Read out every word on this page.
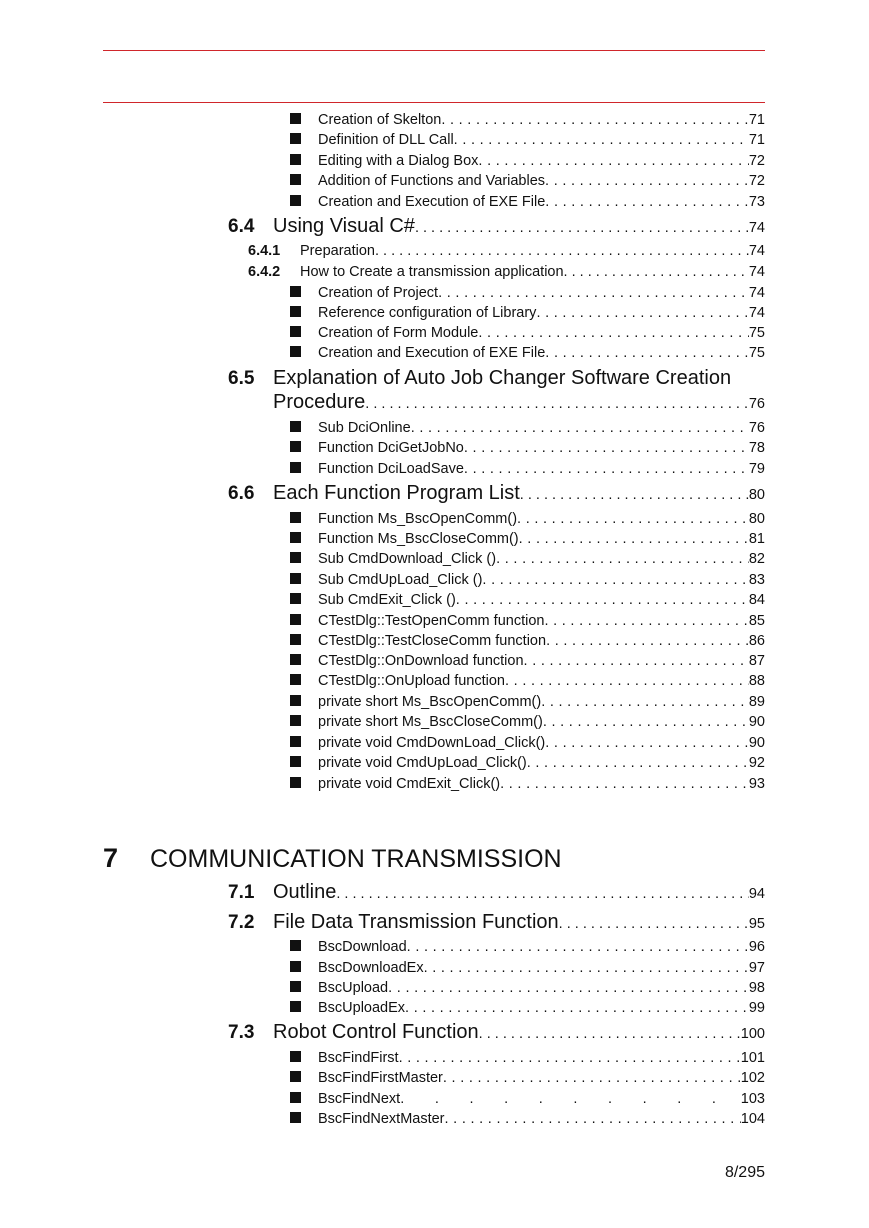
Creation of Skelton . . .	71
Definition of DLL Call . . .	71
Editing with a Dialog Box . . .	72
Addition of Functions and Variables . . .	72
Creation and Execution of EXE File . . .	73
6.4 Using Visual C# . . .	74
6.4.1	Preparation . . .	74
6.4.2	How to Create a transmission application . . .	74
Creation of Project . . .	74
Reference configuration of Library . . .	74
Creation of Form Module . . .	75
Creation and Execution of EXE File . . .	75
6.5 Explanation of Auto Job Changer Software Creation
Procedure . . .	76
Sub DciOnline . . .	76
Function DciGetJobNo . . .	78
Function DciLoadSave . . .	79
6.6 Each Function Program List . . .	80
Function Ms_BscOpenComm() . . .	80
Function Ms_BscCloseComm() . . .	81
Sub CmdDownload_Click () . . .	82
Sub CmdUpLoad_Click () . . .	83
Sub CmdExit_Click () . . .	84
CTestDlg::TestOpenComm function . . .	85
CTestDlg::TestCloseComm function . . .	86
CTestDlg::OnDownload function . . .	87
CTestDlg::OnUpload function . . .	88
private short Ms_BscOpenComm() . . .	89
private short Ms_BscCloseComm() . . .	90
private void CmdDownLoad_Click() . . .	90
private void CmdUpLoad_Click() . . .	92
private void CmdExit_Click() . . .	93
7	COMMUNICATION TRANSMISSION
7.1 Outline . . .	94
7.2 File Data Transmission Function . . .	95
BscDownload . . .	96
BscDownloadEx . . .	97
BscUpload . . .	98
BscUploadEx . . .	99
7.3 Robot Control Function . . .	100
BscFindFirst . . .	101
BscFindFirstMaster . . .	102
BscFindNext .	103
BscFindNextMaster . . .	104
8/295
